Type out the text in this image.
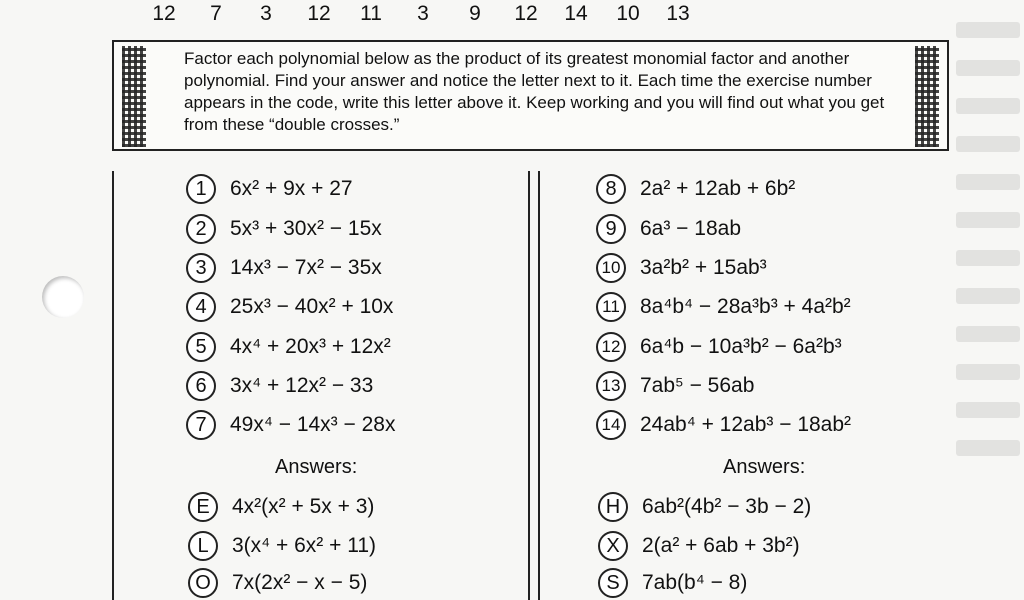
12	7	3	12	11	3	9	12	14	10	13
Factor each polynomial below as the product of its greatest monomial factor and another polynomial. Find your answer and notice the letter next to it. Each time the exercise number appears in the code, write this letter above it. Keep working and you will find out what you get from these “double crosses.”
1	6x² + 9x + 27
2	5x³ + 30x² − 15x
3	14x³ − 7x² − 35x
4	25x³ − 40x² + 10x
5	4x⁴ + 20x³ + 12x²
6	3x⁴ + 12x² − 33
7	49x⁴ − 14x³ − 28x
8	2a² + 12ab + 6b²
9	6a³ − 18ab
10 3a²b² + 15ab³
11 8a⁴b⁴ − 28a³b³ + 4a²b²
12 6a⁴b − 10a³b² − 6a²b³
13 7ab⁵ − 56ab
14 24ab⁴ + 12ab³ − 18ab²
Answers:	Answers:
E	4x²(x² + 5x + 3)
L	3(x⁴ + 6x² + 11)
O	7x(2x² − x − 5)
H	6ab²(4b² − 3b − 2)
X	2(a² + 6ab + 3b²)
S	7ab(b⁴ − 8)
